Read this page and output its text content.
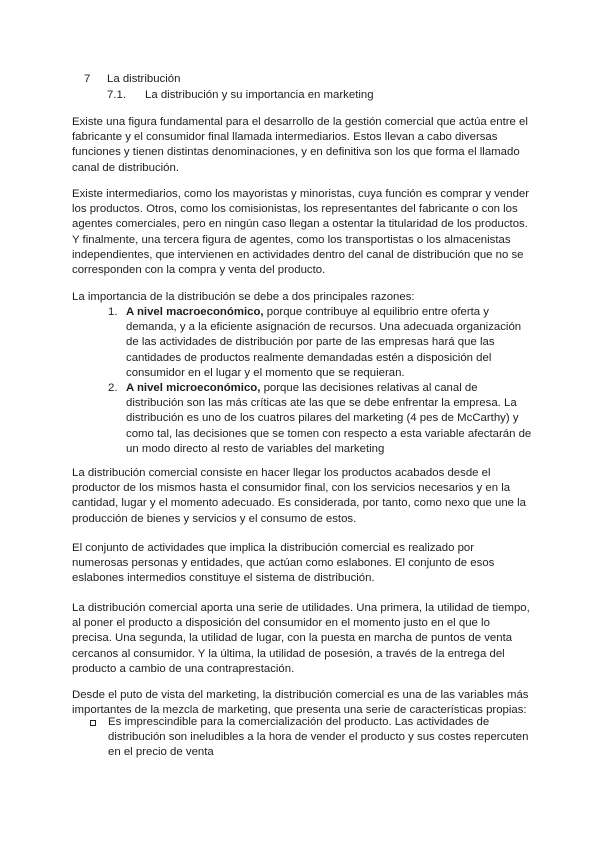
7 La distribución
7.1. La distribución y su importancia en marketing

Existe una figura fundamental para el desarrollo de la gestión comercial que actúa entre el fabricante y el consumidor final llamada intermediarios. Estos llevan a cabo diversas funciones y tienen distintas denominaciones, y en definitiva son los que forma el llamado canal de distribución.

Existe intermediarios, como los mayoristas y minoristas, cuya función es comprar y vender los productos. Otros, como los comisionistas, los representantes del fabricante o con los agentes comerciales, pero en ningún caso llegan a ostentar la titularidad de los productos. Y finalmente, una tercera figura de agentes, como los transportistas o los almacenistas independientes, que intervienen en actividades dentro del canal de distribución que no se corresponden con la compra y venta del producto.

La importancia de la distribución se debe a dos principales razones:

1. A nivel macroeconómico, porque contribuye al equilibrio entre oferta y demanda, y a la eficiente asignación de recursos. Una adecuada organización de las actividades de distribución por parte de las empresas hará que las cantidades de productos realmente demandadas estén a disposición del consumidor en el lugar y el momento que se requieran.
2. A nivel microeconómico, porque las decisiones relativas al canal de distribución son las más críticas ate las que se debe enfrentar la empresa. La distribución es uno de los cuatros pilares del marketing (4 pes de McCarthy) y como tal, las decisiones que se tomen con respecto a esta variable afectarán de un modo directo al resto de variables del marketing

La distribución comercial consiste en hacer llegar los productos acabados desde el productor de los mismos hasta el consumidor final, con los servicios necesarios y en la cantidad, lugar y el momento adecuado. Es considerada, por tanto, como nexo que une la producción de bienes y servicios y el consumo de estos.

El conjunto de actividades que implica la distribución comercial es realizado por numerosas personas y entidades, que actúan como eslabones. El conjunto de esos eslabones intermedios constituye el sistema de distribución.

La distribución comercial aporta una serie de utilidades. Una primera, la utilidad de tiempo, al poner el producto a disposición del consumidor en el momento justo en el que lo precisa. Una segunda, la utilidad de lugar, con la puesta en marcha de puntos de venta cercanos al consumidor. Y la última, la utilidad de posesión, a través de la entrega del producto a cambio de una contraprestación.

Desde el puto de vista del marketing, la distribución comercial es una de las variables más importantes de la mezcla de marketing, que presenta una serie de características propias:

Es imprescindible para la comercialización del producto. Las actividades de distribución son ineludibles a la hora de vender el producto y sus costes repercuten en el precio de venta
